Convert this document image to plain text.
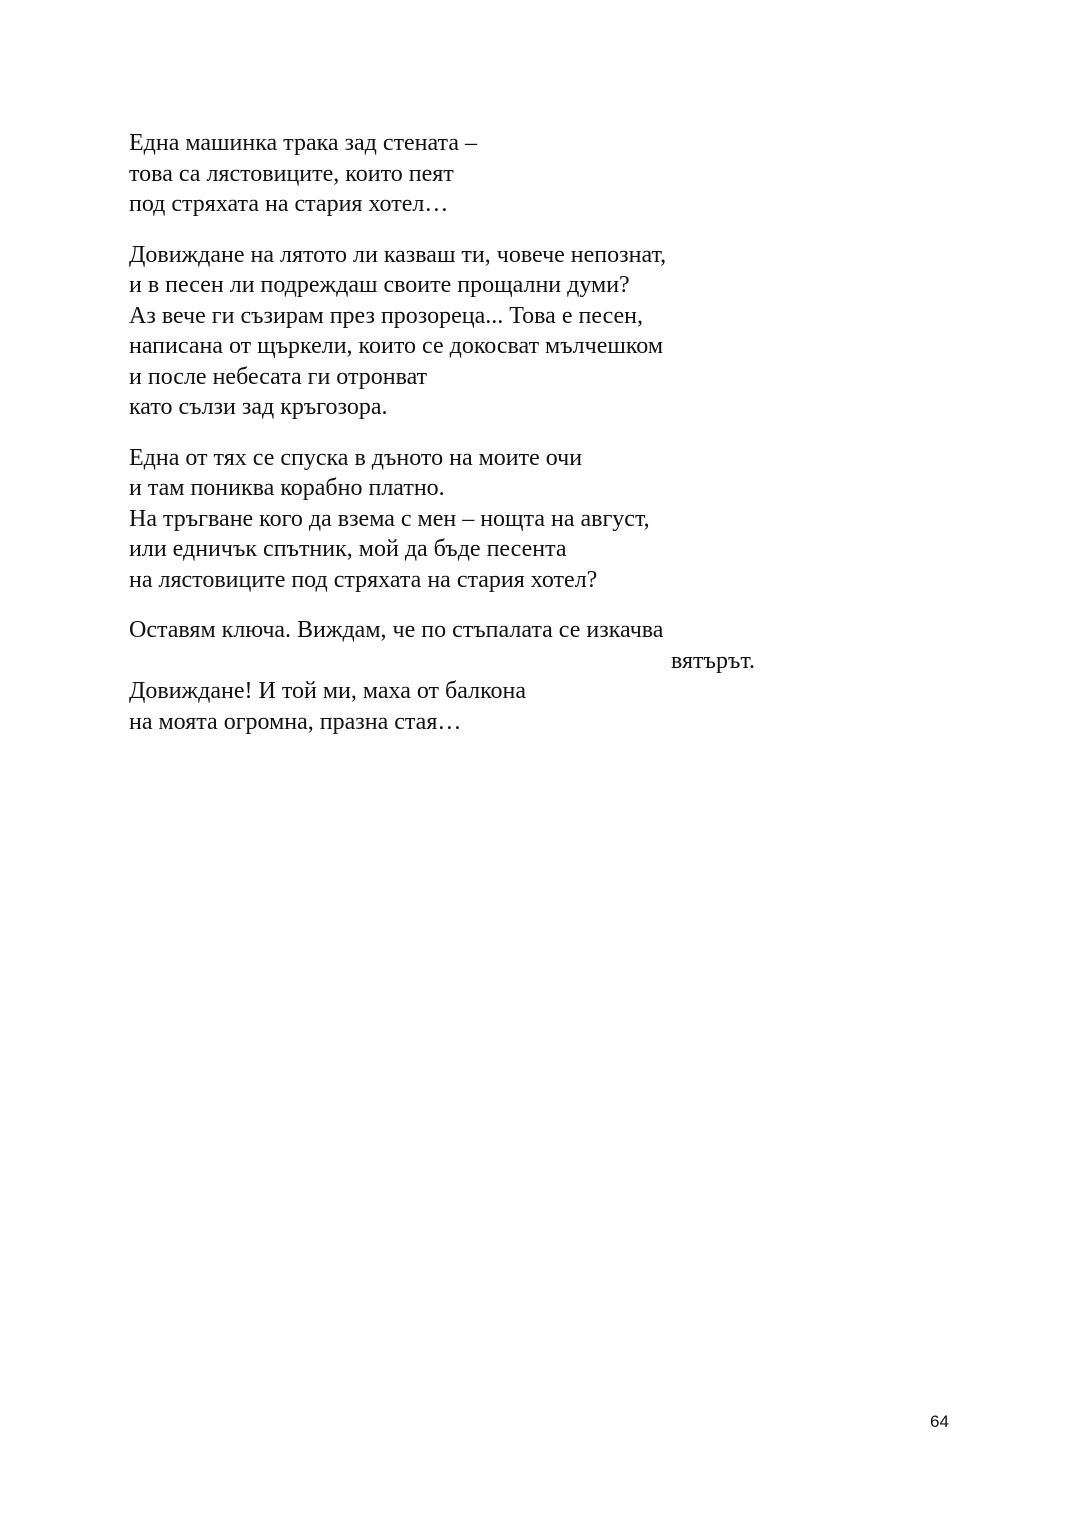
Една машинка трака зад стената –
това са лястовиците, които пеят
под стряхата на стария хотел…
Довиждане на лятото ли казваш ти, човече непознат,
и в песен ли подреждаш своите прощални думи?
Аз вече ги съзирам през прозореца... Това е песен,
написана от щъркели, които се докосват мълчешком
и после небесата ги отронват
като сълзи зад кръгозора.
Една от тях се спуска в дъното на моите очи
и там пониква корабно платно.
На тръгване кого да взема с мен – нощта на август,
или едничък спътник, мой да бъде песента
на лястовиците под стряхата на стария хотел?
Оставям ключа. Виждам, че по стъпалата се изкачва
вятърът.
Довиждане! И той ми, маха от балкона
на моята огромна, празна стая…
64
